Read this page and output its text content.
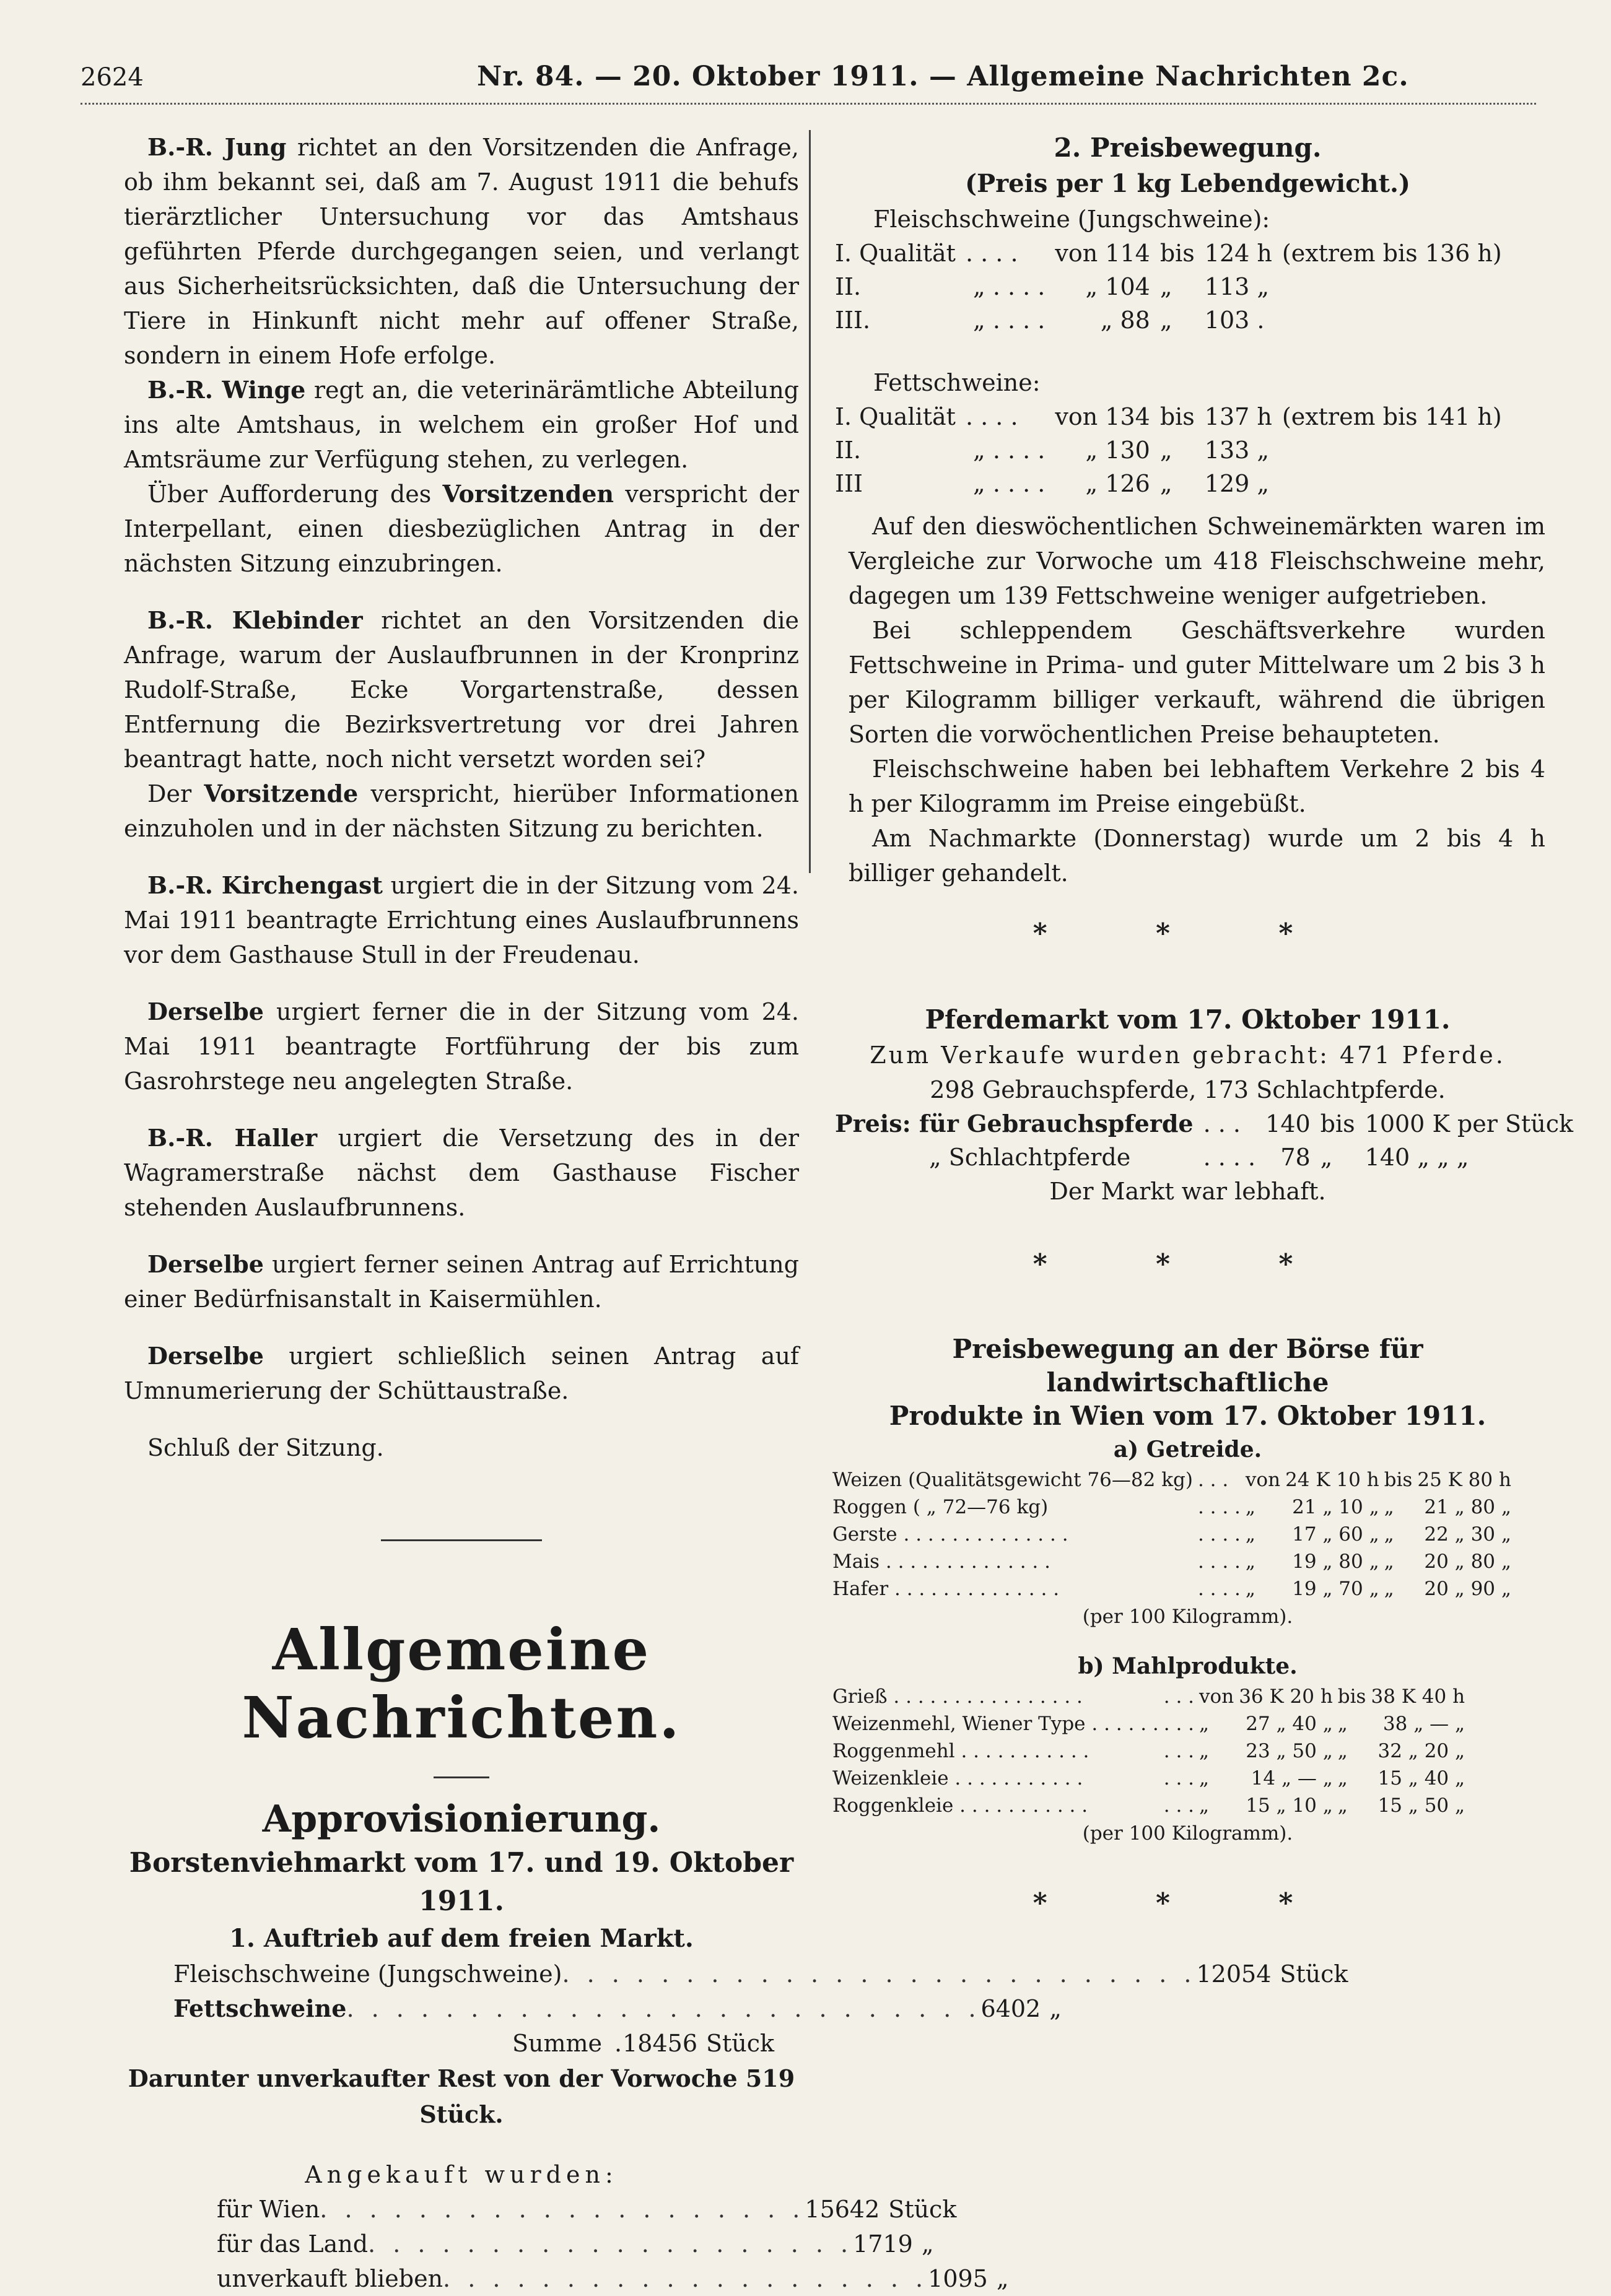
2624	Nr. 84. — 20. Oktober 1911. — Allgemeine Nachrichten 2c.

 B.-R. Jung richtet an den Vorsitzenden die Anfrage, ob ihm bekannt sei, daß am 7. August 1911 die behufs tierärztlicher Untersuchung vor das Amtshaus geführten Pferde durchgegangen seien, und verlangt aus Sicherheitsrücksichten, daß die Untersuchung der Tiere in Hinkunft nicht mehr auf offener Straße, sondern in einem Hofe erfolge.

 B.-R. Winge regt an, die veterinärämtliche Abteilung ins alte Amtshaus, in welchem ein großer Hof und Amtsräume zur Verfügung stehen, zu verlegen.

 Über Aufforderung des Vorsitzenden verspricht der Interpellant, einen diesbezüglichen Antrag in der nächsten Sitzung einzubringen.

 B.-R. Klebinder richtet an den Vorsitzenden die Anfrage, warum der Auslaufbrunnen in der Kronprinz Rudolf-Straße, Ecke Vorgartenstraße, dessen Entfernung die Bezirksvertretung vor drei Jahren beantragt hatte, noch nicht versetzt worden sei?

 Der Vorsitzende verspricht, hierüber Informationen einzuholen und in der nächsten Sitzung zu berichten.

 B.-R. Kirchengast urgiert die in der Sitzung vom 24. Mai 1911 beantragte Errichtung eines Auslaufbrunnens vor dem Gasthause Stull in der Freudenau.

 Derselbe urgiert ferner die in der Sitzung vom 24. Mai 1911 beantragte Fortführung der bis zum Gasrohrstege neu angelegten Straße.

 B.-R. Haller urgiert die Versetzung des in der Wagramerstraße nächst dem Gasthause Fischer stehenden Auslaufbrunnens.

 Derselbe urgiert ferner seinen Antrag auf Errichtung einer Bedürfnisanstalt in Kaisermühlen.

 Derselbe urgiert schließlich seinen Antrag auf Umnumerierung der Schüttaustraße.

 Schluß der Sitzung.

Allgemeine Nachrichten.
Approvisionierung.
Borstenviehmarkt vom 17. und 19. Oktober 1911.
1. Auftrieb auf dem freien Markt.
Fleischschweine (Jungschweine) . . . . . . . . . . . . . . . . . . . . . . . . . . 12054 Stück
Fettschweine . . . . . . . . . . . . . . . . . . . . . . . . . . 6402 „
Summe . 18456 Stück
Darunter unverkaufter Rest von der Vorwoche 519 Stück.
Angekauft wurden:
für Wien . . . . . . . . . . . . . . . . . . . . 15642 Stück
für das Land . . . . . . . . . . . . . . . . . . . . 1719 „
unverkauft blieben . . . . . . . . . . . . . . . . . . . . 1095 „
2. Preisbewegung.
(Preis per 1 kg Lebendgewicht.)
Fleischschweine (Jungschweine):
I. Qualität	. . . .	von 114	bis	124 h	(extrem bis 136 h)
II.	„ . . . .	„ 104	„	113 „	
III.	„ . . . .	„ 88	„	103 .	
Fettschweine:
I. Qualität	. . . .	von 134	bis	137 h	(extrem bis 141 h)
II.	„ . . . .	„ 130	„	133 „	
III	„ . . . .	„ 126	„	129 „	

 Auf den dieswöchentlichen Schweinemärkten waren im Vergleiche zur Vorwoche um 418 Fleischschweine mehr, dagegen um 139 Fettschweine weniger aufgetrieben.

 Bei schleppendem Geschäftsverkehre wurden Fettschweine in Prima- und guter Mittelware um 2 bis 3 h per Kilogramm billiger verkauft, während die übrigen Sorten die vorwöchentlichen Preise behaupteten.

 Fleischschweine haben bei lebhaftem Verkehre 2 bis 4 h per Kilogramm im Preise eingebüßt.

 Am Nachmarkte (Donnerstag) wurde um 2 bis 4 h billiger gehandelt.

* * *
Pferdemarkt vom 17. Oktober 1911.
Zum Verkaufe wurden gebracht: 471 Pferde.
298 Gebrauchspferde, 173 Schlachtpferde.
Preis: für Gebrauchspferde	. . .	140	bis	1000 K per Stück
„ Schlachtpferde	. . . .	78	„	140 „ „ „
Der Markt war lebhaft.
* * *
Preisbewegung an der Börse für landwirtschaftliche
Produkte in Wien vom 17. Oktober 1911.
a) Getreide.
Weizen (Qualitätsgewicht 76—82 kg)	. . .	von	24 K 10 h	bis	25 K 80 h
Roggen ( „ 72—76 kg)	. . . .	„	21 „ 10 „	„	21 „ 80 „
Gerste . . . . . . . . . . . . . .	. . . .	„	17 „ 60 „	„	22 „ 30 „
Mais . . . . . . . . . . . . . .	. . . .	„	19 „ 80 „	„	20 „ 80 „
Hafer . . . . . . . . . . . . . .	. . . .	„	19 „ 70 „	„	20 „ 90 „
(per 100 Kilogramm).
b) Mahlprodukte.
Grieß . . . . . . . . . . . . . . . .	. . .	von	36 K 20 h	bis	38 K 40 h
Weizenmehl, Wiener Type . . . . . .	. . .	„	27 „ 40 „	„	38 „ — „
Roggenmehl . . . . . . . . . . .	. . .	„	23 „ 50 „	„	32 „ 20 „
Weizenkleie . . . . . . . . . . .	. . .	„	14 „ — „	„	15 „ 40 „
Roggenkleie . . . . . . . . . . .	. . .	„	15 „ 10 „	„	15 „ 50 „
(per 100 Kilogramm).
* * *
